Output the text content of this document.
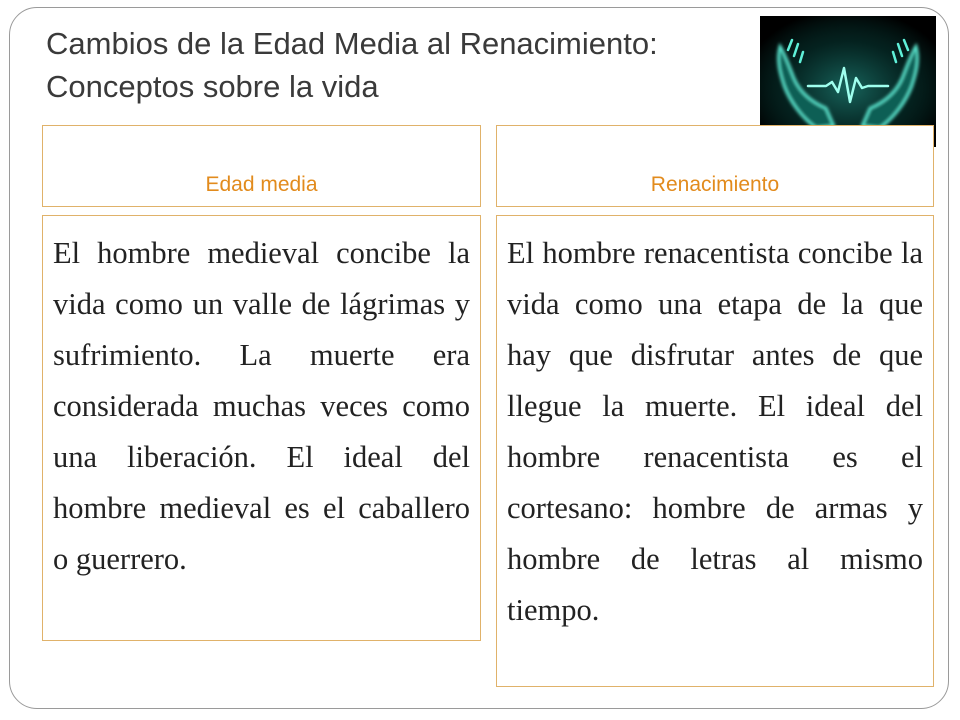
Cambios de la Edad Media al Renacimiento: Conceptos sobre la vida
Edad media	Renacimiento
El hombre medieval concibe la vida como un valle de lágrimas y sufrimiento. La muerte era considerada muchas veces como una liberación. El ideal del hombre medieval es el caballero o guerrero.
El hombre renacentista concibe la vida como una etapa de la que hay que disfrutar antes de que llegue la muerte. El ideal del hombre renacentista es el cortesano: hombre de armas y hombre de letras al mismo tiempo.
